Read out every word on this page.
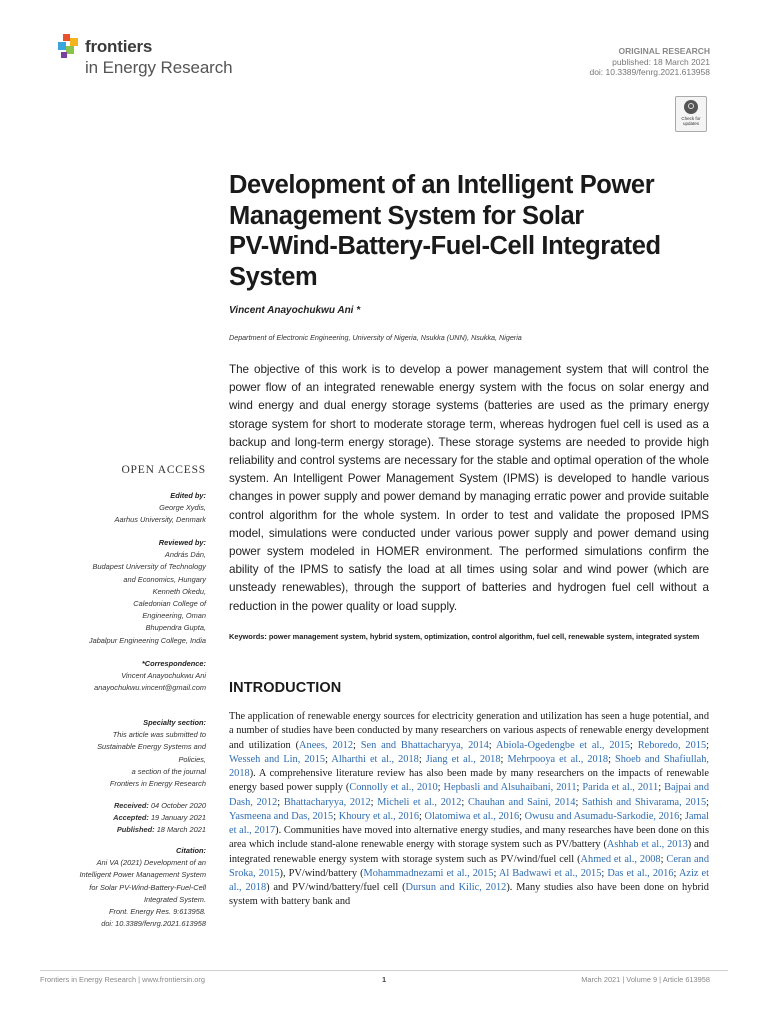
frontiers
in Energy Research
ORIGINAL RESEARCH
published: 18 March 2021
doi: 10.3389/fenrg.2021.613958
Check for updates
Development of an Intelligent Power
Management System for Solar
PV-Wind-Battery-Fuel-Cell Integrated
System
Vincent Anayochukwu Ani *
Department of Electronic Engineering, University of Nigeria, Nsukka (UNN), Nsukka, Nigeria
The objective of this work is to develop a power management system that will control the power flow of an integrated renewable energy system with the focus on solar energy and wind energy and dual energy storage systems (batteries are used as the primary energy storage system for short to moderate storage term, whereas hydrogen fuel cell is used as a backup and long-term energy storage). These storage systems are needed to provide high reliability and control systems are necessary for the stable and optimal operation of the whole system. An Intelligent Power Management System (IPMS) is developed to handle various changes in power supply and power demand by managing erratic power and provide suitable control algorithm for the whole system. In order to test and validate the proposed IPMS model, simulations were conducted under various power supply and power demand using power system modeled in HOMER environment. The performed simulations confirm the ability of the IPMS to satisfy the load at all times using solar and wind power (which are unsteady renewables), through the support of batteries and hydrogen fuel cell without a reduction in the power quality or load supply.
Keywords: power management system, hybrid system, optimization, control algorithm, fuel cell, renewable system, integrated system
INTRODUCTION
The application of renewable energy sources for electricity generation and utilization has seen a huge potential, and a number of studies have been conducted by many researchers on various aspects of renewable energy development and utilization (Anees, 2012; Sen and Bhattacharyya, 2014; Abiola-Ogedengbe et al., 2015; Reboredo, 2015; Wesseh and Lin, 2015; Alharthi et al., 2018; Jiang et al., 2018; Mehrpooya et al., 2018; Shoeb and Shafiullah, 2018). A comprehensive literature review has also been made by many researchers on the impacts of renewable energy based power supply (Connolly et al., 2010; Hepbasli and Alsuhaibani, 2011; Parida et al., 2011; Bajpai and Dash, 2012; Bhattacharyya, 2012; Micheli et al., 2012; Chauhan and Saini, 2014; Sathish and Shivarama, 2015; Yasmeena and Das, 2015; Khoury et al., 2016; Olatomiwa et al., 2016; Owusu and Asumadu-Sarkodie, 2016; Jamal et al., 2017). Communities have moved into alternative energy studies, and many researches have been done on this area which include stand-alone renewable energy with storage system such as PV/battery (Ashhab et al., 2013) and integrated renewable energy system with storage system such as PV/wind/fuel cell (Ahmed et al., 2008; Ceran and Sroka, 2015), PV/wind/battery (Mohammadnezami et al., 2015; Al Badwawi et al., 2015; Das et al., 2016; Aziz et al., 2018) and PV/wind/battery/fuel cell (Dursun and Kilic, 2012). Many studies also have been done on hybrid system with battery bank and
OPEN ACCESS
Edited by:
George Xydis,
Aarhus University, Denmark
Reviewed by:
András Dán,
Budapest University of Technology
and Economics, Hungary
Kenneth Okedu,
Caledonian College of
Engineering, Oman
Bhupendra Gupta,
Jabalpur Engineering College, India
*Correspondence:
Vincent Anayochukwu Ani
anayochukwu.vincent@gmail.com
Specialty section:
This article was submitted to
Sustainable Energy Systems and
Policies,
a section of the journal
Frontiers in Energy Research
Received: 04 October 2020
Accepted: 19 January 2021
Published: 18 March 2021
Citation:
Ani VA (2021) Development of an
Intelligent Power Management System
for Solar PV-Wind-Battery-Fuel-Cell
Integrated System.
Front. Energy Res. 9:613958.
doi: 10.3389/fenrg.2021.613958
Frontiers in Energy Research | www.frontiersin.org	1	March 2021 | Volume 9 | Article 613958
